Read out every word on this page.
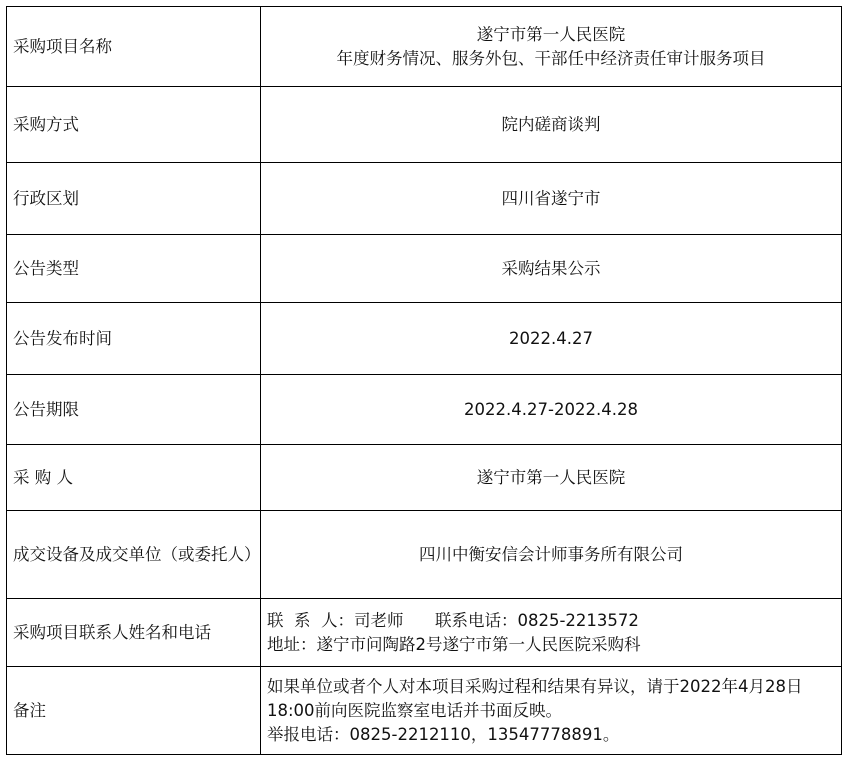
采购项目名称	遂宁市第一人民医院
年度财务情况、服务外包、干部任中经济责任审计服务项目

采购方式	院内磋商谈判
行政区划	四川省遂宁市
公告类型	采购结果公示
公告发布时间	2022.4.27
公告期限	2022.4.27-2022.4.28
采 购 人	遂宁市第一人民医院
成交设备及成交单位（或委托人）	四川中衡安信会计师事务所有限公司
采购项目联系人姓名和电话	联  系  人：司老师      联系电话：0825-2213572
地址：遂宁市问陶路2号遂宁市第一人民医院采购科

备注	如果单位或者个人对本项目采购过程和结果有异议，请于2022年4月28日18:00前向医院监察室电话并书面反映。
举报电话：0825-2212110，13547778891。
